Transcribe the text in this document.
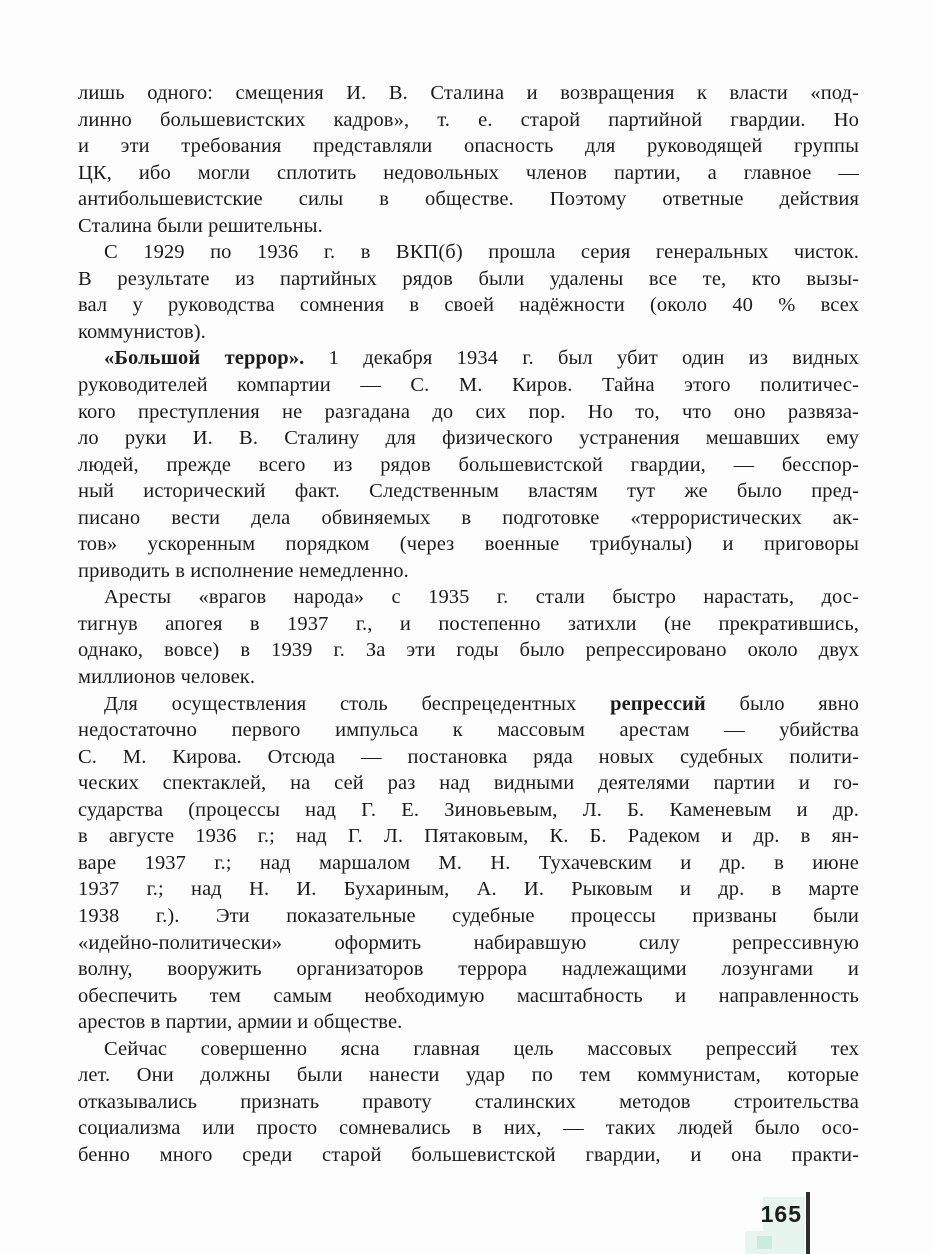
лишь одного: смещения И. В. Сталина и возвращения к власти «под-
линно большевистских кадров», т. е. старой партийной гвардии. Но
и эти требования представляли опасность для руководящей группы
ЦК, ибо могли сплотить недовольных членов партии, а главное —
антибольшевистские силы в обществе. Поэтому ответные действия
Сталина были решительны.
С 1929 по 1936 г. в ВКП(б) прошла серия генеральных чисток.
В результате из партийных рядов были удалены все те, кто вызы-
вал у руководства сомнения в своей надёжности (около 40 % всех
коммунистов).
«Большой террор». 1 декабря 1934 г. был убит один из видных
руководителей компартии — С. М. Киров. Тайна этого политичес-
кого преступления не разгадана до сих пор. Но то, что оно развяза-
ло руки И. В. Сталину для физического устранения мешавших ему
людей, прежде всего из рядов большевистской гвардии, — бесспор-
ный исторический факт. Следственным властям тут же было пред-
писано вести дела обвиняемых в подготовке «террористических ак-
тов» ускоренным порядком (через военные трибуналы) и приговоры
приводить в исполнение немедленно.
Аресты «врагов народа» с 1935 г. стали быстро нарастать, дос-
тигнув апогея в 1937 г., и постепенно затихли (не прекратившись,
однако, вовсе) в 1939 г. За эти годы было репрессировано около двух
миллионов человек.
Для осуществления столь беспрецедентных репрессий было явно
недостаточно первого импульса к массовым арестам — убийства
С. М. Кирова. Отсюда — постановка ряда новых судебных полити-
ческих спектаклей, на сей раз над видными деятелями партии и го-
сударства (процессы над Г. Е. Зиновьевым, Л. Б. Каменевым и др.
в августе 1936 г.; над Г. Л. Пятаковым, К. Б. Радеком и др. в ян-
варе 1937 г.; над маршалом М. Н. Тухачевским и др. в июне
1937 г.; над Н. И. Бухариным, А. И. Рыковым и др. в марте
1938 г.). Эти показательные судебные процессы призваны были
«идейно-политически» оформить набиравшую силу репрессивную
волну, вооружить организаторов террора надлежащими лозунгами и
обеспечить тем самым необходимую масштабность и направленность
арестов в партии, армии и обществе.
Сейчас совершенно ясна главная цель массовых репрессий тех
лет. Они должны были нанести удар по тем коммунистам, которые
отказывались признать правоту сталинских методов строительства
социализма или просто сомневались в них, — таких людей было осо-
бенно много среди старой большевистской гвардии, и она практи-
165
